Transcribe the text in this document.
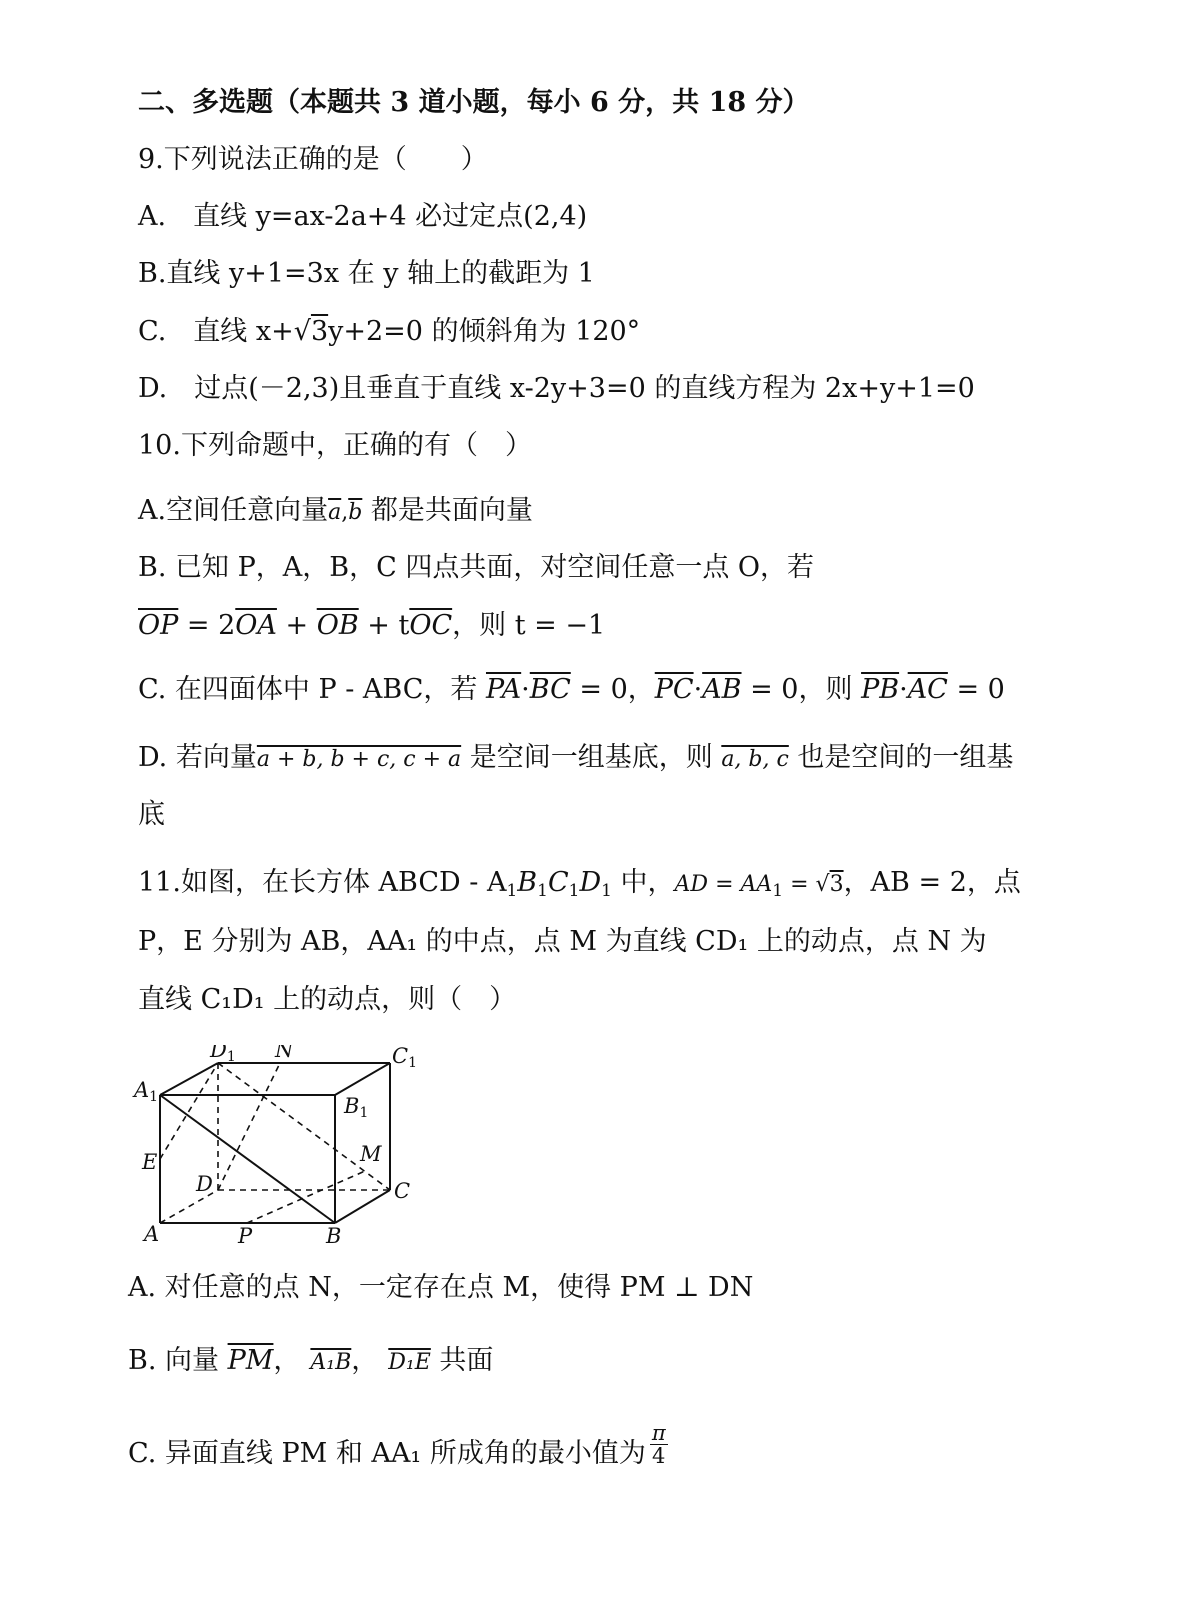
二、多选题（本题共 3 道小题，每小 6 分，共 18 分）
9.下列说法正确的是（　　）
A.　直线 y=ax-2a+4 必过定点(2,4)
B.直线 y+1=3x 在 y 轴上的截距为 1
C.　直线 x+√3y+2=0 的倾斜角为 120°
D.　过点(－2,3)且垂直于直线 x-2y+3=0 的直线方程为 2x+y+1=0
10.下列命题中，正确的有（　）
A.空间任意向量$\overline{a},\overline{b}$ 都是共面向量
B. 已知 P，A，B，C 四点共面，对空间任意一点 O，若
$\overline{OP} = 2\overline{OA} + \overline{OB} + t\overline{OC}$，则 t = −1
C. 在四面体中 P - ABC，若 $\overline{PA}\cdot\overline{BC} = 0$，$\overline{PC}\cdot\overline{AB} = 0$，则 $\overline{PB}\cdot\overline{AC} = 0$
D. 若向量a + b, b + c, c + a 是空间一组基底，则 a, b, c 也是空间的一组基
底
11.如图，在长方体 ABCD - $A_1B_1C_1D_1$ 中，AD = $AA_1 = √3$，AB = 2，点
P，E 分别为 AB，AA₁ 的中点，点 M 为直线 CD₁ 上的动点，点 N 为
直线 C₁D₁ 上的动点，则（　）
D1 N	C1
A1	B1
E	M
D	C
A	P	B
A. 对任意的点 N，一定存在点 M，使得 PM ⊥ DN
B. 向量 $\overline{PM}$， A₁B， D₁E 共面
C. 异面直线 PM 和 AA₁ 所成角的最小值为 $\frac{\pi}{4}$
